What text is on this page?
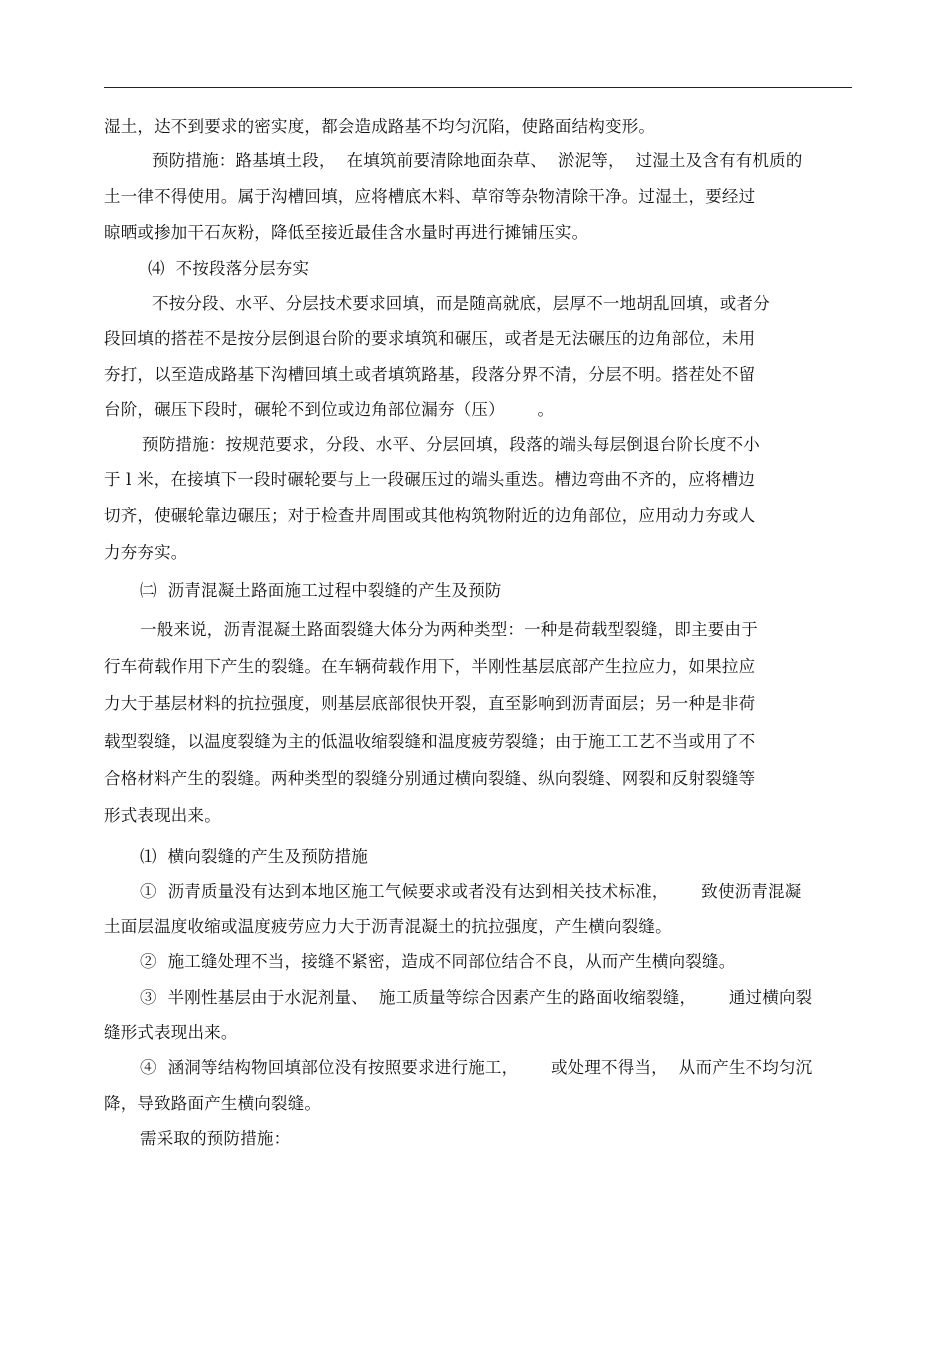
湿土，达不到要求的密实度，都会造成路基不均匀沉陷，使路面结构变形。
预防措施：路基填土段，  在填筑前要清除地面杂草、  淤泥等，  过湿土及含有有机质的
土一律不得使用。属于沟槽回填，应将槽底木料、草帘等杂物清除干净。过湿土，要经过
晾晒或掺加干石灰粉，降低至接近最佳含水量时再进行摊铺压实。
⑷  不按段落分层夯实
不按分段、水平、分层技术要求回填，而是随高就底，层厚不一地胡乱回填，或者分
段回填的搭茬不是按分层倒退台阶的要求填筑和碾压，或者是无法碾压的边角部位，未用
夯打，以至造成路基下沟槽回填土或者填筑路基，段落分界不清，分层不明。搭茬处不留
台阶，碾压下段时，碾轮不到位或边角部位漏夯（压）      。
预防措施：按规范要求，分段、水平、分层回填，段落的端头每层倒退台阶长度不小
于 l 米，在接填下一段时碾轮要与上一段碾压过的端头重迭。槽边弯曲不齐的，应将槽边
切齐，使碾轮靠边碾压；对于检查井周围或其他构筑物附近的边角部位，应用动力夯或人
力夯夯实。
㈡  沥青混凝土路面施工过程中裂缝的产生及预防
一般来说，沥青混凝土路面裂缝大体分为两种类型：一种是荷载型裂缝，即主要由于
行车荷载作用下产生的裂缝。在车辆荷载作用下，半刚性基层底部产生拉应力，如果拉应
力大于基层材料的抗拉强度，则基层底部很快开裂，直至影响到沥青面层；另一种是非荷
载型裂缝，以温度裂缝为主的低温收缩裂缝和温度疲劳裂缝；由于施工工艺不当或用了不
合格材料产生的裂缝。两种类型的裂缝分别通过横向裂缝、纵向裂缝、网裂和反射裂缝等
形式表现出来。
⑴  横向裂缝的产生及预防措施
①  沥青质量没有达到本地区施工气候要求或者没有达到相关技术标准，      致使沥青混凝
土面层温度收缩或温度疲劳应力大于沥青混凝土的抗拉强度，产生横向裂缝。
②  施工缝处理不当，接缝不紧密，造成不同部位结合不良，从而产生横向裂缝。
③  半刚性基层由于水泥剂量、  施工质量等综合因素产生的路面收缩裂缝，      通过横向裂
缝形式表现出来。
④  涵洞等结构物回填部位没有按照要求进行施工，      或处理不得当，  从而产生不均匀沉
降，导致路面产生横向裂缝。
需采取的预防措施：
